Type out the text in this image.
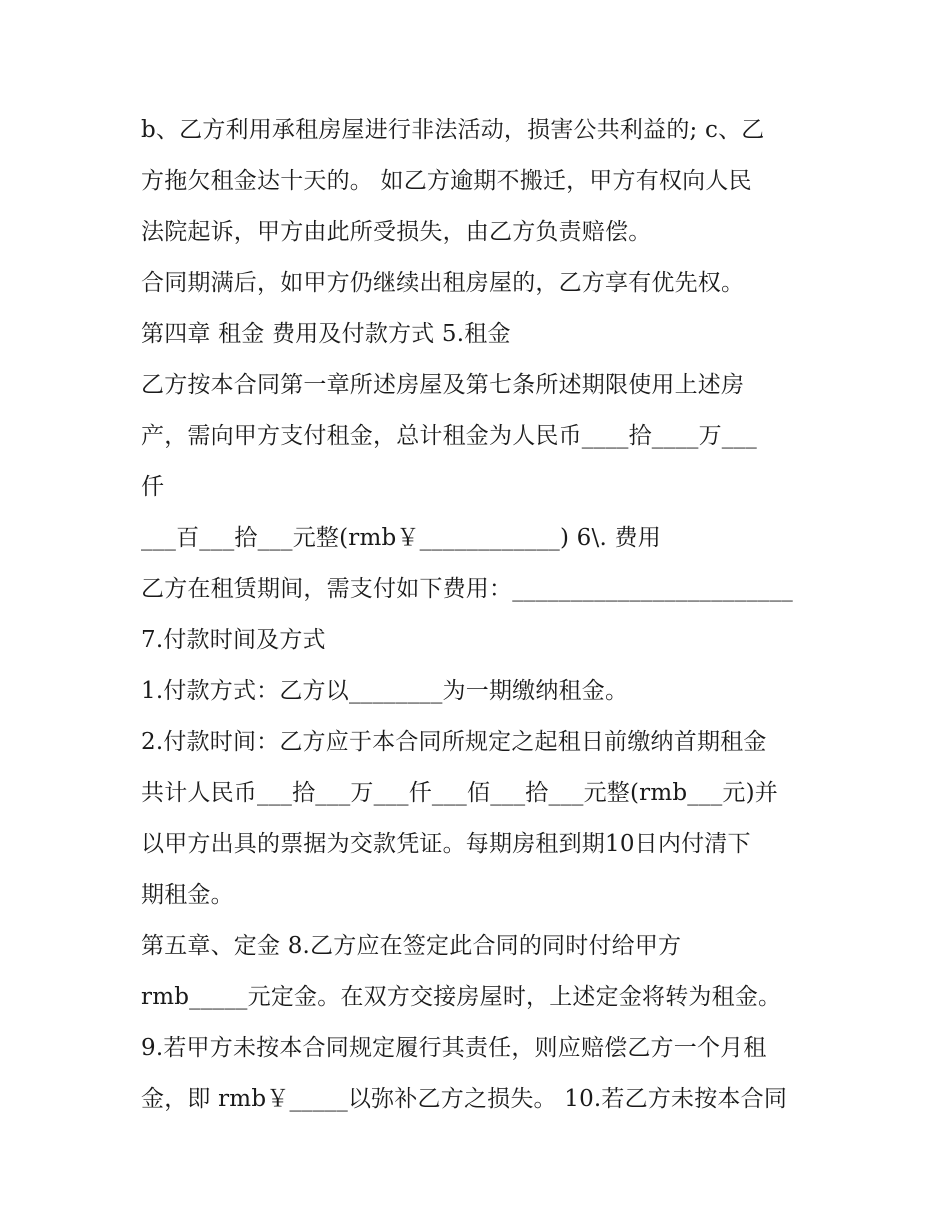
b、乙方利用承租房屋进行非法活动，损害公共利益的; c、乙
方拖欠租金达十天的。 如乙方逾期不搬迁，甲方有权向人民
法院起诉，甲方由此所受损失，由乙方负责赔偿。
合同期满后，如甲方仍继续出租房屋的，乙方享有优先权。
第四章 租金 费用及付款方式 5.租金
乙方按本合同第一章所述房屋及第七条所述期限使用上述房
产，需向甲方支付租金，总计租金为人民币____拾____万___
仟
___百___拾___元整(rmb￥____________) 6\. 费用
乙方在租赁期间，需支付如下费用：________________________
7.付款时间及方式
1.付款方式：乙方以________为一期缴纳租金。
2.付款时间：乙方应于本合同所规定之起租日前缴纳首期租金
共计人民币___拾___万___仟___佰___拾___元整(rmb___元)并
以甲方出具的票据为交款凭证。每期房租到期10日内付清下
期租金。
第五章、定金 8.乙方应在签定此合同的同时付给甲方
rmb_____元定金。在双方交接房屋时，上述定金将转为租金。
9.若甲方未按本合同规定履行其责任，则应赔偿乙方一个月租
金，即 rmb￥_____以弥补乙方之损失。 10.若乙方未按本合同
